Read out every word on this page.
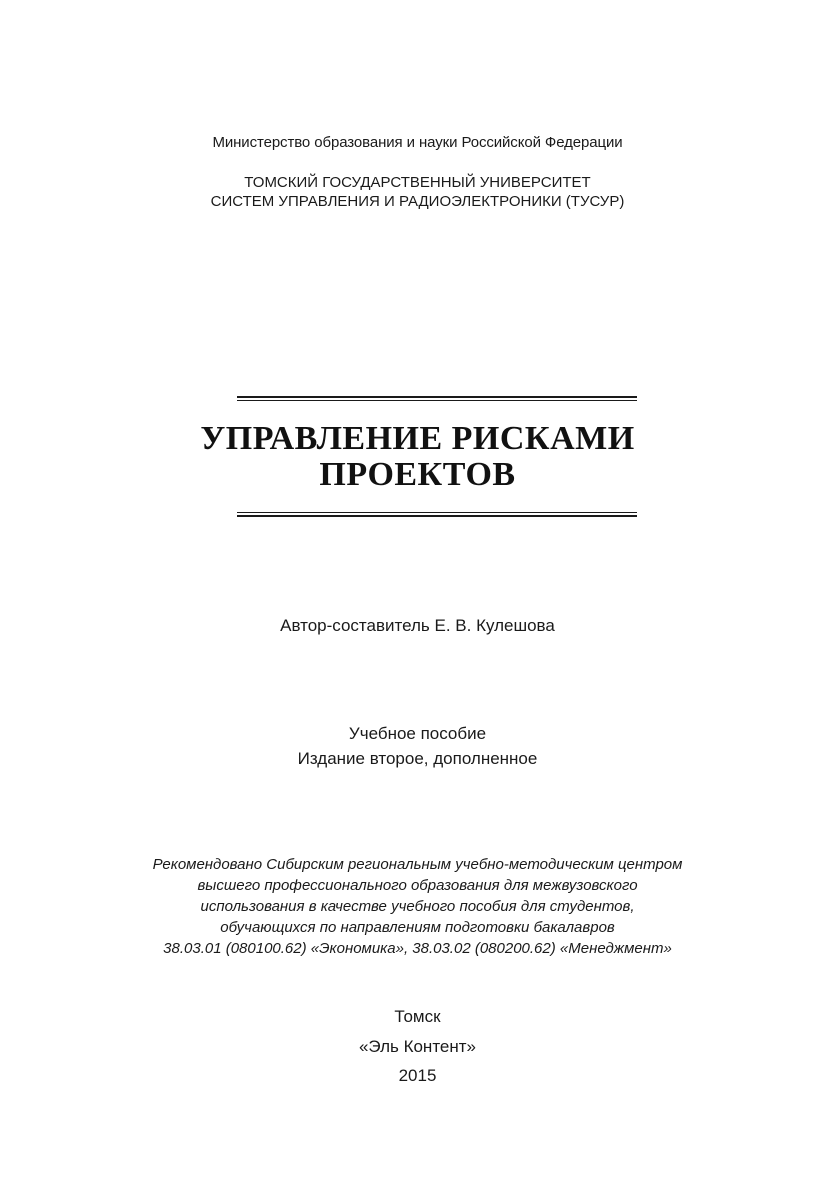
Министерство образования и науки Российской Федерации
ТОМСКИЙ ГОСУДАРСТВЕННЫЙ УНИВЕРСИТЕТ
СИСТЕМ УПРАВЛЕНИЯ И РАДИОЭЛЕКТРОНИКИ (ТУСУР)
УПРАВЛЕНИЕ РИСКАМИ
ПРОЕКТОВ
Автор-составитель Е. В. Кулешова
Учебное пособие
Издание второе, дополненное
Рекомендовано Сибирским региональным учебно-методическим центром
высшего профессионального образования для межвузовского
использования в качестве учебного пособия для студентов,
обучающихся по направлениям подготовки бакалавров
38.03.01 (080100.62) «Экономика», 38.03.02 (080200.62) «Менеджмент»
Томск
«Эль Контент»
2015
